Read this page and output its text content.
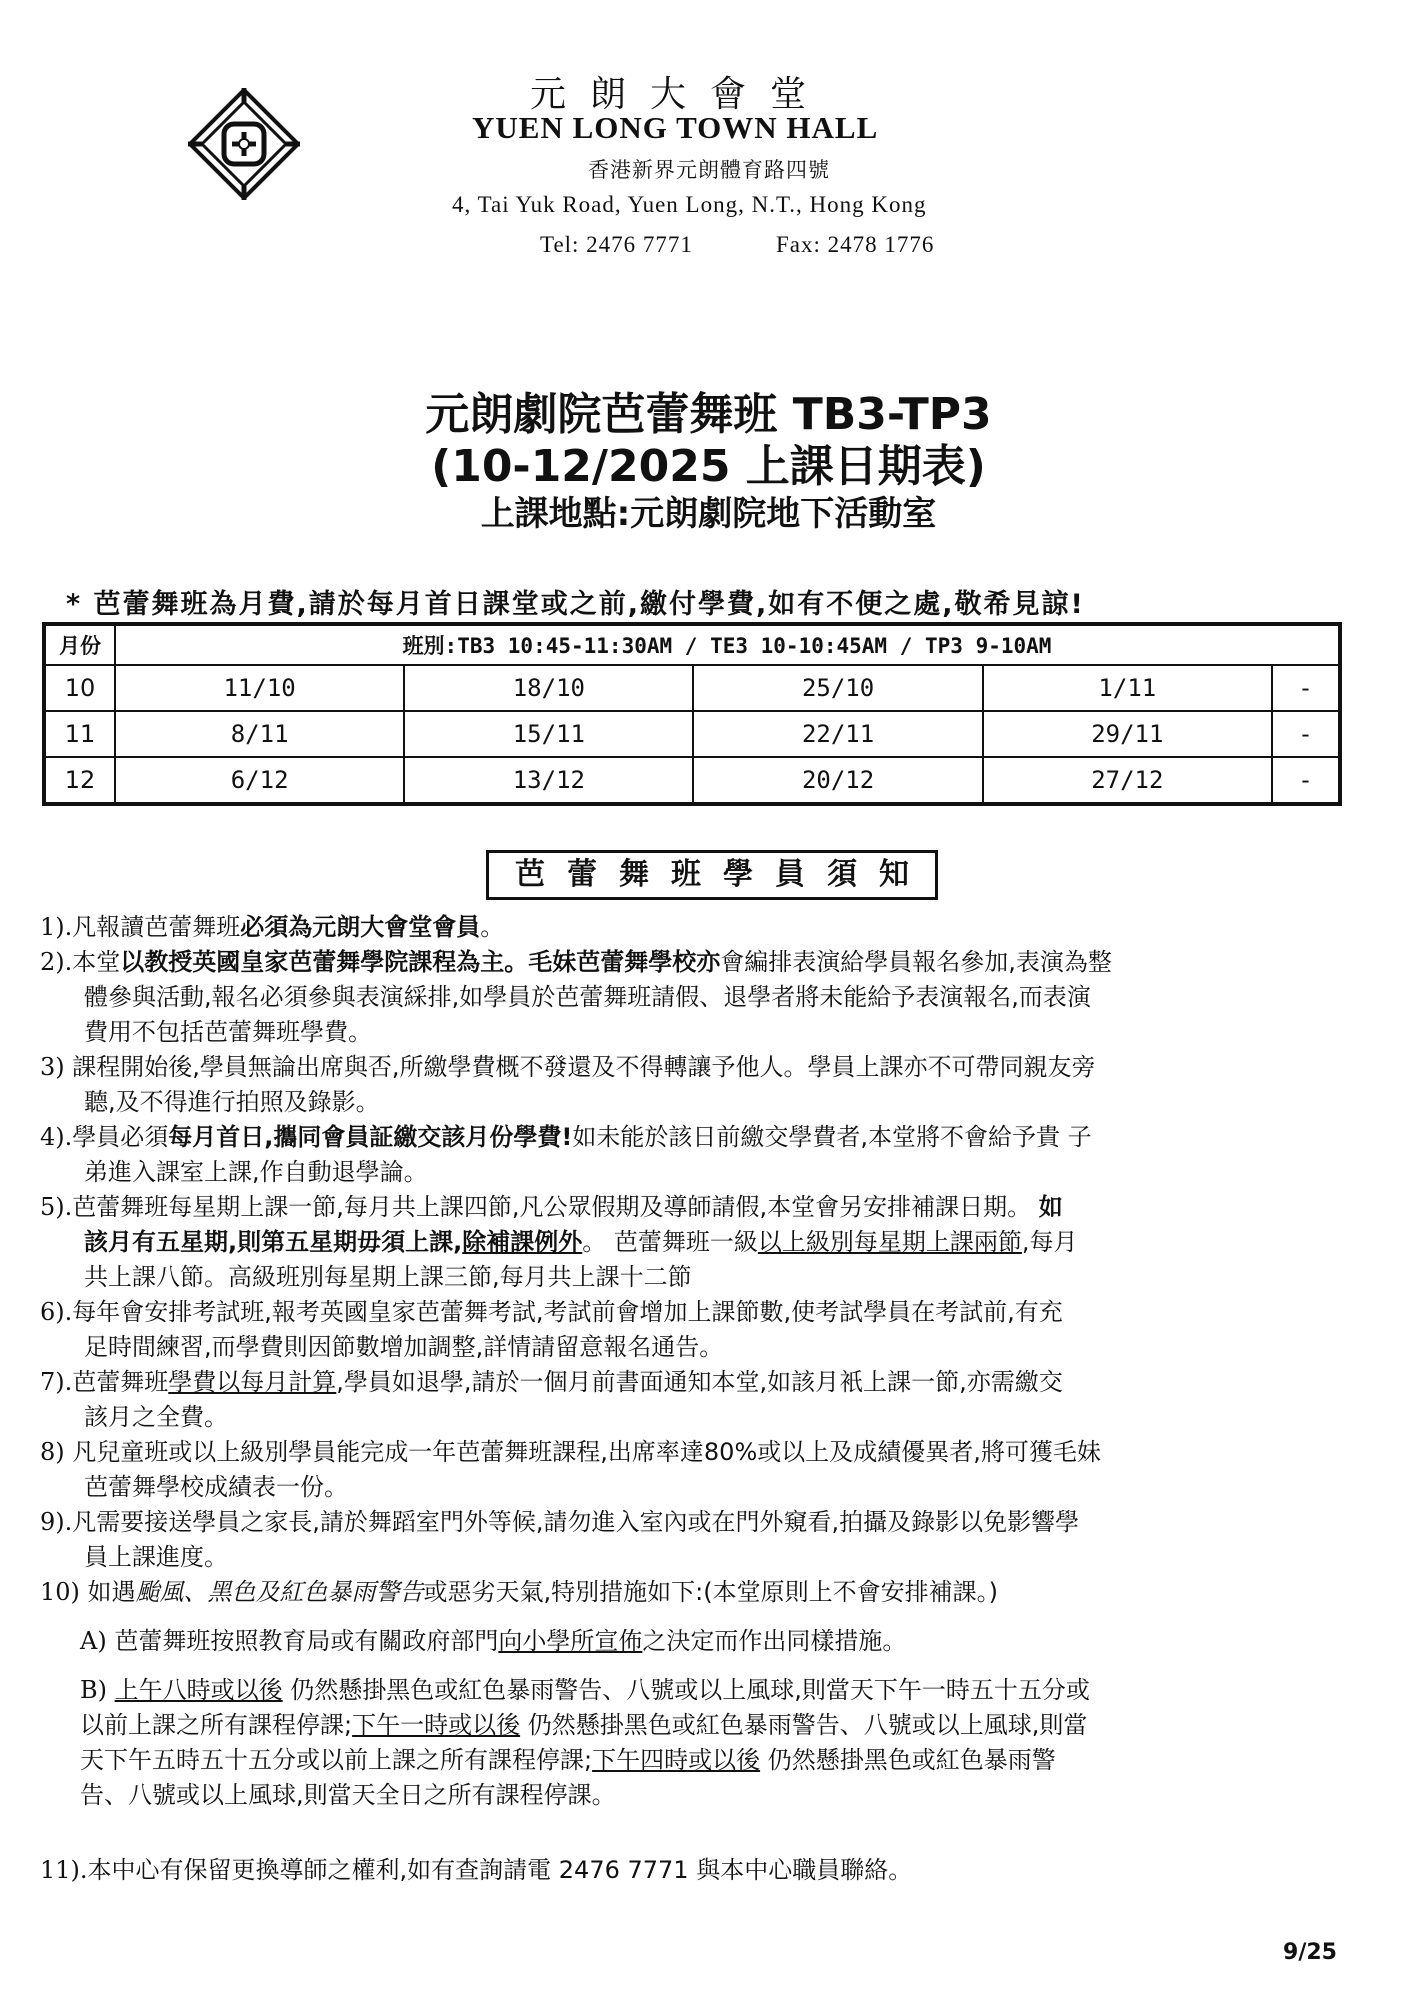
元朗大會堂
YUEN LONG TOWN HALL
香港新界元朗體育路四號
4, Tai Yuk Road, Yuen Long, N.T., Hong Kong
Tel: 2476 7771	Fax: 2478 1776
元朗劇院芭蕾舞班 TB3-TP3
(10-12/2025 上課日期表)
上課地點:元朗劇院地下活動室
* 芭蕾舞班為月費,請於每月首日課堂或之前,繳付學費,如有不便之處,敬希見諒!
月份	班別:TB3 10:45-11:30AM / TE3 10-10:45AM / TP3 9-10AM				
10	11/10	18/10	25/10	1/11	-
11	8/11	15/11	22/11	29/11	-
12	6/12	13/12	20/12	27/12	-
芭蕾舞班學員須知
1).凡報讀芭蕾舞班必須為元朗大會堂會員。
2).本堂以教授英國皇家芭蕾舞學院課程為主。毛妹芭蕾舞學校亦會編排表演給學員報名參加,表演為整
體參與活動,報名必須參與表演綵排,如學員於芭蕾舞班請假、退學者將未能給予表演報名,而表演
費用不包括芭蕾舞班學費。
3) 課程開始後,學員無論出席與否,所繳學費概不發還及不得轉讓予他人。學員上課亦不可帶同親友旁
聽,及不得進行拍照及錄影。
4).學員必須每月首日,攜同會員証繳交該月份學費!如未能於該日前繳交學費者,本堂將不會給予貴 子
弟進入課室上課,作自動退學論。
5).芭蕾舞班每星期上課一節,每月共上課四節,凡公眾假期及導師請假,本堂會另安排補課日期。 如
該月有五星期,則第五星期毋須上課,除補課例外。 芭蕾舞班一級以上級別每星期上課兩節,每月
共上課八節。高級班別每星期上課三節,每月共上課十二節
6).每年會安排考試班,報考英國皇家芭蕾舞考試,考試前會增加上課節數,使考試學員在考試前,有充
足時間練習,而學費則因節數增加調整,詳情請留意報名通告。
7).芭蕾舞班學費以每月計算,學員如退學,請於一個月前書面通知本堂,如該月衹上課一節,亦需繳交
該月之全費。
8) 凡兒童班或以上級別學員能完成一年芭蕾舞班課程,出席率達80%或以上及成績優異者,將可獲毛妹
芭蕾舞學校成績表一份。
9).凡需要接送學員之家長,請於舞蹈室門外等候,請勿進入室內或在門外窺看,拍攝及錄影以免影響學
員上課進度。
10) 如遇颱風、黑色及紅色暴雨警告或惡劣天氣,特別措施如下:(本堂原則上不會安排補課。)
A) 芭蕾舞班按照教育局或有關政府部門向小學所宣佈之決定而作出同樣措施。
B) 上午八時或以後 仍然懸掛黑色或紅色暴雨警告、八號或以上風球,則當天下午一時五十五分或
以前上課之所有課程停課;下午一時或以後 仍然懸掛黑色或紅色暴雨警告、八號或以上風球,則當
天下午五時五十五分或以前上課之所有課程停課;下午四時或以後 仍然懸掛黑色或紅色暴雨警
告、八號或以上風球,則當天全日之所有課程停課。
11).本中心有保留更換導師之權利,如有查詢請電 2476 7771 與本中心職員聯絡。
9/25
